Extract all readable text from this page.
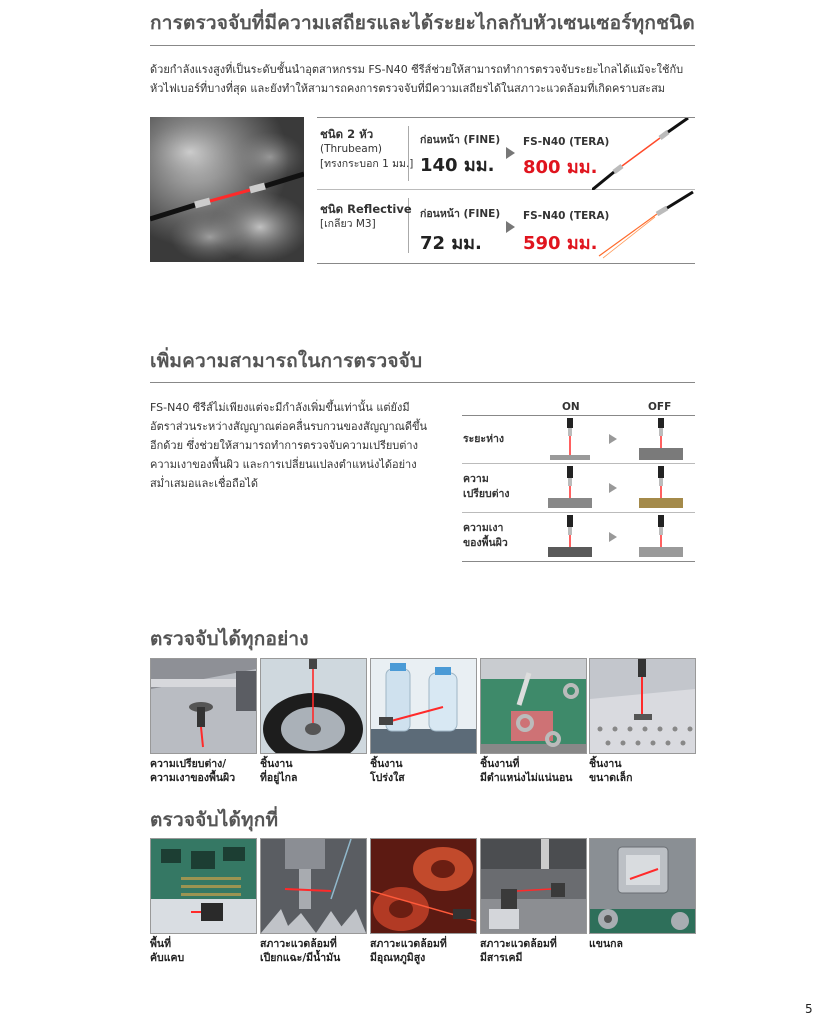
การตรวจจับที่มีความเสถียรและได้ระยะไกลกับหัวเซนเซอร์ทุกชนิด
ด้วยกำลังแรงสูงที่เป็นระดับชั้นนำอุตสาหกรรม FS-N40 ซีรีส์ช่วยให้สามารถทำการตรวจจับระยะไกลได้แม้จะใช้กับ
หัวไฟเบอร์ที่บางที่สุด และยังทำให้สามารถคงการตรวจจับที่มีความเสถียรได้ในสภาวะแวดล้อมที่เกิดคราบสะสม
ชนิด 2 หัว
(Thrubeam)
[ทรงกระบอก 1 มม.]
ก่อนหน้า (FINE)
140 มม.
FS-N40 (TERA)
800 มม.
ชนิด Reflective
[เกลียว M3]
ก่อนหน้า (FINE)
72 มม.
FS-N40 (TERA)
590 มม.
เพิ่มความสามารถในการตรวจจับ
FS-N40 ซีรีส์ไม่เพียงแต่จะมีกำลังเพิ่มขึ้นเท่านั้น แต่ยังมี
อัตราส่วนระหว่างสัญญาณต่อคลื่นรบกวนของสัญญาณดีขึ้น
อีกด้วย ซึ่งช่วยให้สามารถทำการตรวจจับความเปรียบต่าง
ความเงาของพื้นผิว และการเปลี่ยนแปลงตำแหน่งได้อย่าง
สม่ำเสมอและเชื่อถือได้
ON	OFF
ระยะห่าง
ความ
เปรียบต่าง
ความเงา
ของพื้นผิว
ตรวจจับได้ทุกอย่าง
ความเปรียบต่าง/
ความเงาของพื้นผิว
ชิ้นงาน
ที่อยู่ไกล
ชิ้นงาน
โปร่งใส
ชิ้นงานที่
มีตำแหน่งไม่แน่นอน
ชิ้นงาน
ขนาดเล็ก
ตรวจจับได้ทุกที่
พื้นที่
คับแคบ
สภาวะแวดล้อมที่
เปียกแฉะ/มีน้ำมัน
สภาวะแวดล้อมที่
มีอุณหภูมิสูง
สภาวะแวดล้อมที่
มีสารเคมี
แขนกล
5
